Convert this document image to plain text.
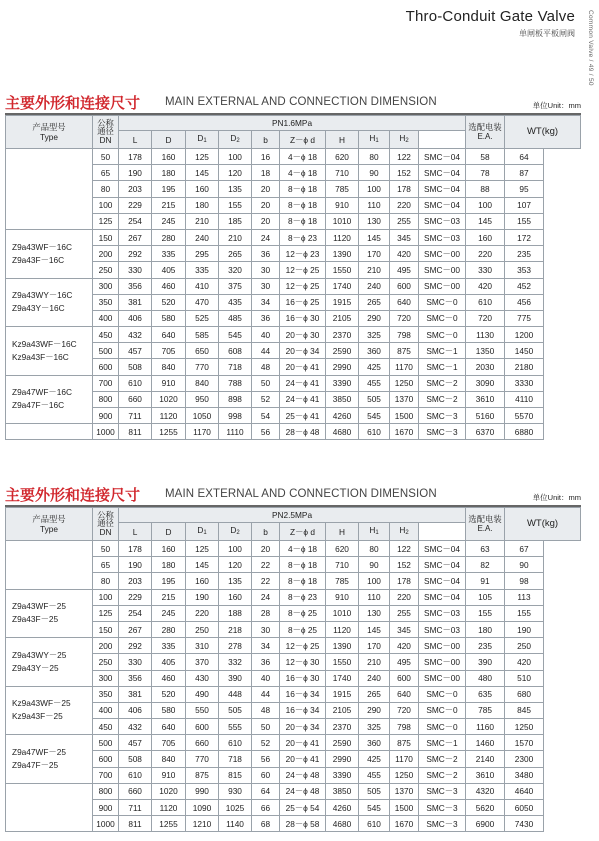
Thro-Conduit Gate Valve
单闸板平板闸阀 Common Valve / 49 / 50
主要外形和连接尺寸 MAIN EXTERNAL AND CONNECTION DIMENSION	单位Unit：mm
产品型号
Type	公称
通径
DN	PN1.6MPa										选配电装
E.A.	WT(kg)
		L	D	D1	D2	b	Z－ϕ d	H	H1	H2			
	50	178	160	125	100	16	4－ϕ 18	620	80	122	SMC－04	58	64
	65	190	180	145	120	18	4－ϕ 18	710	90	152	SMC－04	78	87
	80	203	195	160	135	20	8－ϕ 18	785	100	178	SMC－04	88	95
	100	229	215	180	155	20	8－ϕ 18	910	110	220	SMC－04	100	107
	125	254	245	210	185	20	8－ϕ 18	1010	130	255	SMC－03	145	155

Z9a43WF－16C
Z9a43F－16C	150	267	280	240	210	24	8－ϕ 23	1120	145	345	SMC－03	160	172
	200	292	335	295	265	36	12－ϕ 23	1390	170	420	SMC－00	220	235
	250	330	405	335	320	30	12－ϕ 25	1550	210	495	SMC－00	330	353

Z9a43WY－16C
Z9a43Y－16C	300	356	460	410	375	30	12－ϕ 25	1740	240	600	SMC－00	420	452
	350	381	520	470	435	34	16－ϕ 25	1915	265	640	SMC－0	610	456
	400	406	580	525	485	36	16－ϕ 30	2105	290	720	SMC－0	720	775

Kz9a43WF－16C
Kz9a43F－16C	450	432	640	585	545	40	20－ϕ 30	2370	325	798	SMC－0	1130	1200
	500	457	705	650	608	44	20－ϕ 34	2590	360	875	SMC－1	1350	1450
	600	508	840	770	718	48	20－ϕ 41	2990	425	1170	SMC－1	2030	2180

Z9a47WF－16C
Z9a47F－16C	700	610	910	840	788	50	24－ϕ 41	3390	455	1250	SMC－2	3090	3330
	800	660	1020	950	898	52	24－ϕ 41	3850	505	1370	SMC－2	3610	4110
	900	711	1120	1050	998	54	25－ϕ 41	4260	545	1500	SMC－3	5160	5570
	1000	811	1255	1170	1110	56	28－ϕ 48	4680	610	1670	SMC－3	6370	6880
主要外形和连接尺寸 MAIN EXTERNAL AND CONNECTION DIMENSION	单位Unit：mm
产品型号
Type	公称
通径
DN	PN2.5MPa										选配电装
E.A.	WT(kg)
		L	D	D1	D2	b	Z－ϕ d	H	H1	H2			
	50	178	160	125	100	20	4－ϕ 18	620	80	122	SMC－04	63	67
	65	190	180	145	120	22	8－ϕ 18	710	90	152	SMC－04	82	90
	80	203	195	160	135	22	8－ϕ 18	785	100	178	SMC－04	91	98

Z9a43WF－25
Z9a43F－25	100	229	215	190	160	24	8－ϕ 23	910	110	220	SMC－04	105	113
	125	254	245	220	188	28	8－ϕ 25	1010	130	255	SMC－03	155	155
	150	267	280	250	218	30	8－ϕ 25	1120	145	345	SMC－03	180	190

Z9a43WY－25
Z9a43Y－25	200	292	335	310	278	34	12－ϕ 25	1390	170	420	SMC－00	235	250
	250	330	405	370	332	36	12－ϕ 30	1550	210	495	SMC－00	390	420
	300	356	460	430	390	40	16－ϕ 30	1740	240	600	SMC－00	480	510

Kz9a43WF－25
Kz9a43F－25	350	381	520	490	448	44	16－ϕ 34	1915	265	640	SMC－0	635	680
	400	406	580	550	505	48	16－ϕ 34	2105	290	720	SMC－0	785	845
	450	432	640	600	555	50	20－ϕ 34	2370	325	798	SMC－0	1160	1250

Z9a47WF－25
Z9a47F－25	500	457	705	660	610	52	20－ϕ 41	2590	360	875	SMC－1	1460	1570
	600	508	840	770	718	56	20－ϕ 41	2990	425	1170	SMC－2	2140	2300
	700	610	910	875	815	60	24－ϕ 48	3390	455	1250	SMC－2	3610	3480
	800	660	1020	990	930	64	24－ϕ 48	3850	505	1370	SMC－3	4320	4640
	900	711	1120	1090	1025	66	25－ϕ 54	4260	545	1500	SMC－3	5620	6050
	1000	811	1255	1210	1140	68	28－ϕ 58	4680	610	1670	SMC－3	6900	7430
